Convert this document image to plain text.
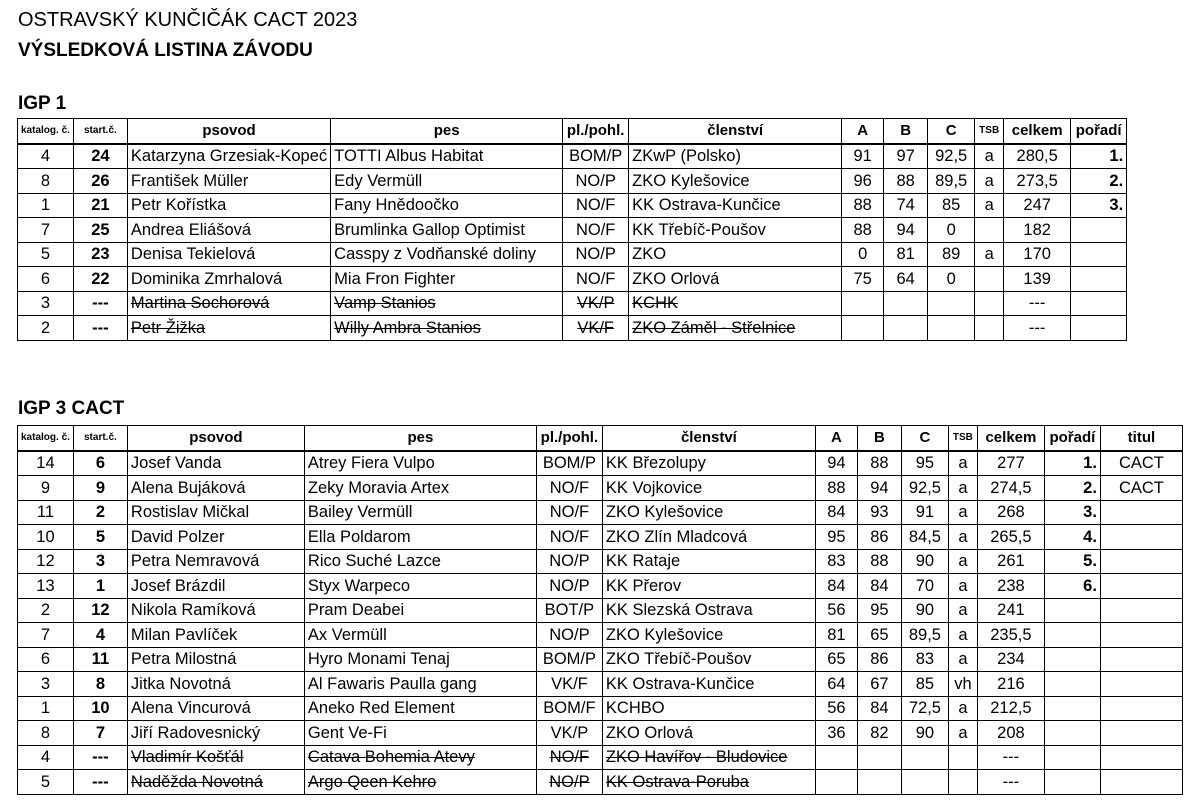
OSTRAVSKÝ KUNČIČÁK CACT 2023
VÝSLEDKOVÁ LISTINA ZÁVODU
IGP 1
katalog. č.	start.č.	psovod	pes	pl./pohl.	členství	A	B	C	TSB	celkem	pořadí
4	24	Katarzyna Grzesiak-Kopeć	TOTTI Albus Habitat	BOM/P	ZKwP (Polsko)	91	97	92,5	a	280,5	1.
8	26	František Müller	Edy Vermüll	NO/P	ZKO Kylešovice	96	88	89,5	a	273,5	2.
1	21	Petr Kořístka	Fany Hnědoočko	NO/F	KK Ostrava-Kunčice	88	74	85	a	247	3.
7	25	Andrea Eliášová	Brumlinka Gallop Optimist	NO/F	KK Třebíč-Poušov	88	94	0		182	
5	23	Denisa Tekielová	Casspy z Vodňanské doliny	NO/P	ZKO	0	81	89	a	170	
6	22	Dominika Zmrhalová	Mia Fron Fighter	NO/F	ZKO Orlová	75	64	0		139	
3	---	Martina Sochorová	Vamp Stanios	VK/P	KCHK					---	
2	---	Petr Žižka	Willy Ambra Stanios	VK/F	ZKO Záměl - Střelnice					---	
IGP 3 CACT
katalog. č.	start.č.	psovod	pes	pl./pohl.	členství	A	B	C	TSB	celkem	pořadí	titul
14	6	Josef Vanda	Atrey Fiera Vulpo	BOM/P	KK Březolupy	94	88	95	a	277	1.	CACT
9	9	Alena Bujáková	Zeky Moravia Artex	NO/F	KK Vojkovice	88	94	92,5	a	274,5	2.	CACT
11	2	Rostislav Mičkal	Bailey Vermüll	NO/F	ZKO Kylešovice	84	93	91	a	268	3.	
10	5	David Polzer	Ella Poldarom	NO/F	ZKO Zlín Mladcová	95	86	84,5	a	265,5	4.	
12	3	Petra Nemravová	Rico Suché Lazce	NO/P	KK Rataje	83	88	90	a	261	5.	
13	1	Josef Brázdil	Styx Warpeco	NO/P	KK Přerov	84	84	70	a	238	6.	
2	12	Nikola Ramíková	Pram Deabei	BOT/P	KK Slezská Ostrava	56	95	90	a	241		
7	4	Milan Pavlíček	Ax Vermüll	NO/P	ZKO Kylešovice	81	65	89,5	a	235,5		
6	11	Petra Milostná	Hyro Monami Tenaj	BOM/P	ZKO Třebíč-Poušov	65	86	83	a	234		
3	8	Jitka Novotná	Al Fawaris Paulla gang	VK/F	KK Ostrava-Kunčice	64	67	85	vh	216		
1	10	Alena Vincurová	Aneko Red Element	BOM/F	KCHBO	56	84	72,5	a	212,5		
8	7	Jiří Radovesnický	Gent Ve-Fi	VK/P	ZKO Orlová	36	82	90	a	208		
4	---	Vladimír Košťál	Catava Bohemia Atevy	NO/F	ZKO Havířov - Bludovice					---		
5	---	Naděžda Novotná	Argo Qeen Kehro	NO/P	KK Ostrava-Poruba					---		
